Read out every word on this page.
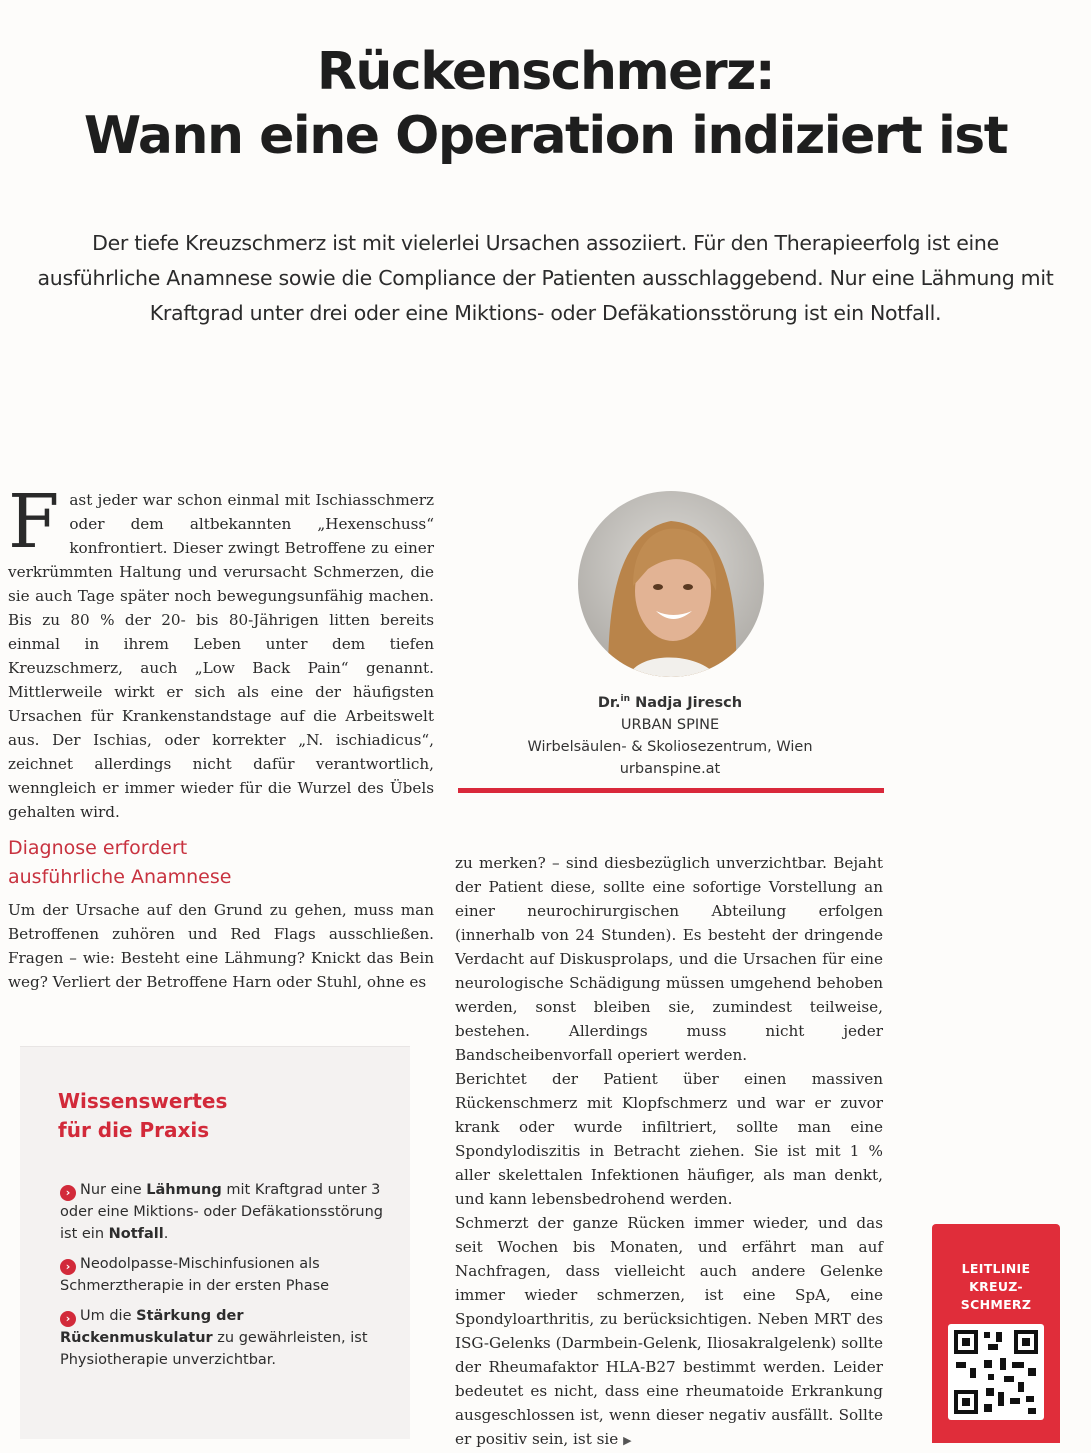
Rückenschmerz:
Wann eine Operation indiziert ist

Der tiefe Kreuzschmerz ist mit vielerlei Ursachen assoziiert. Für den Therapieerfolg ist eine ausführliche Anamnese sowie die Compliance der Patienten ausschlaggebend. Nur eine Lähmung mit Kraftgrad unter drei oder eine Miktions- oder Defäkationsstörung ist ein Notfall.

Fast jeder war schon einmal mit Ischiasschmerz oder dem altbekannten „Hexenschuss“ konfrontiert. Dieser zwingt Betroffene zu einer verkrümmten Haltung und verursacht Schmerzen, die sie auch Tage später noch bewegungsunfähig machen. Bis zu 80 % der 20- bis 80-Jährigen litten bereits einmal in ihrem Leben unter dem tiefen Kreuzschmerz, auch „Low Back Pain“ genannt. Mittlerweile wirkt er sich als eine der häufigsten Ursachen für Krankenstandstage auf die Arbeitswelt aus. Der Ischias, oder korrekter „N. ischiadicus“, zeichnet allerdings nicht dafür verantwortlich, wenngleich er immer wieder für die Wurzel des Übels gehalten wird.

Dr.$^{in}$ Nadja Jiresch
URBAN SPINE
Wirbelsäulen- & Skoliosezentrum, Wien
urbanspine.at
Diagnose erfordert
ausführliche Anamnese

Um der Ursache auf den Grund zu gehen, muss man Betroffenen zuhören und Red Flags ausschließen. Fragen – wie: Besteht eine Lähmung? Knickt das Bein weg? Verliert der Betroffene Harn oder Stuhl, ohne es

Wissenswertes
für die Praxis
› Nur eine Lähmung mit Kraftgrad unter 3 oder eine Miktions- oder Defäkationsstörung ist ein Notfall.
› Neodolpasse-Mischinfusionen als Schmerztherapie in der ersten Phase
› Um die Stärkung der Rückenmuskulatur zu gewährleisten, ist Physiotherapie unverzichtbar.

zu merken? – sind diesbezüglich unverzichtbar. Bejaht der Patient diese, sollte eine sofortige Vorstellung an einer neurochirurgischen Abteilung erfolgen (innerhalb von 24 Stunden). Es besteht der dringende Verdacht auf Diskusprolaps, und die Ursachen für eine neurologische Schädigung müssen umgehend behoben werden, sonst bleiben sie, zumindest teilweise, bestehen. Allerdings muss nicht jeder Bandscheibenvorfall operiert werden.

Berichtet der Patient über einen massiven Rückenschmerz mit Klopfschmerz und war er zuvor krank oder wurde infiltriert, sollte man eine Spondylodiszitis in Betracht ziehen. Sie ist mit 1 % aller skelettalen Infektionen häufiger, als man denkt, und kann lebensbedrohend werden.

Schmerzt der ganze Rücken immer wieder, und das seit Wochen bis Monaten, und erfährt man auf Nachfragen, dass vielleicht auch andere Gelenke immer wieder schmerzen, ist eine SpA, eine Spondyloarthritis, zu berücksichtigen. Neben MRT des ISG-Gelenks (Darmbein-Gelenk, Iliosakralgelenk) sollte der Rheumafaktor HLA-B27 bestimmt werden. Leider bedeutet es nicht, dass eine rheumatoide Erkrankung ausgeschlossen ist, wenn dieser negativ ausfällt. Sollte er positiv sein, ist sie ▶

LEITLINIE
KREUZ-
SCHMERZ
